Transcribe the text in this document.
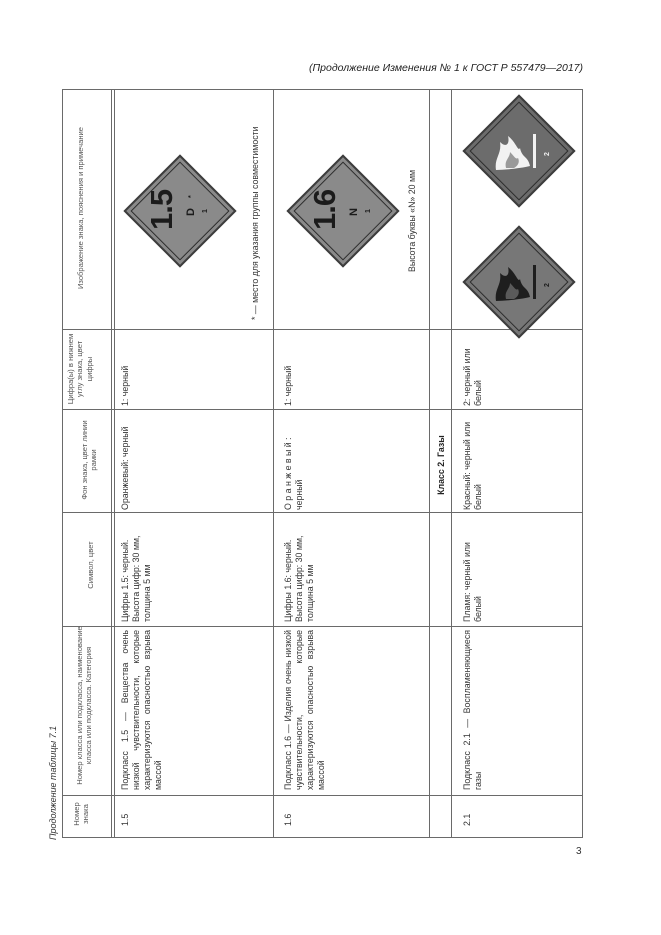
(Продолжение Изменения № 1 к ГОСТ Р 557479—2017)
Продолжение таблицы 7.1
3
Номер знака
Номер класса или подкласса, наименование класса или подкласса. Категория
Символ, цвет
Фон знака, цвет линии рамки
Цифра(ы) в нижнем углу знака, цвет цифры
Изображение знака, пояснения и примечание
1.5
Подкласс 1.5 — Вещества очень низкой чувствительности, которые характеризуются опасностью взрыва массой
Цифры 1.5: черный. Высота цифр: 30 мм, толщина 5 мм
Оранжевый: черный
1: черный
* — место для указания группы совместимости
1.5 D
*
1
1.6
Подкласс 1.6 — Изделия очень низкой чувствительности, которые характеризуются опасностью взрыва массой
Цифры 1.6: черный. Высота цифр: 30 мм, толщина 5 мм
О р а н ж е в ы й : черный
1: черный
Высота буквы «N» 20 мм
1.6 N 1
Класс 2. Газы
2.1
Подкласс 2.1 — Воспламеняющиеся газы
Пламя: черный или белый
Красный: черный или белый
2: черный или белый
2
2
